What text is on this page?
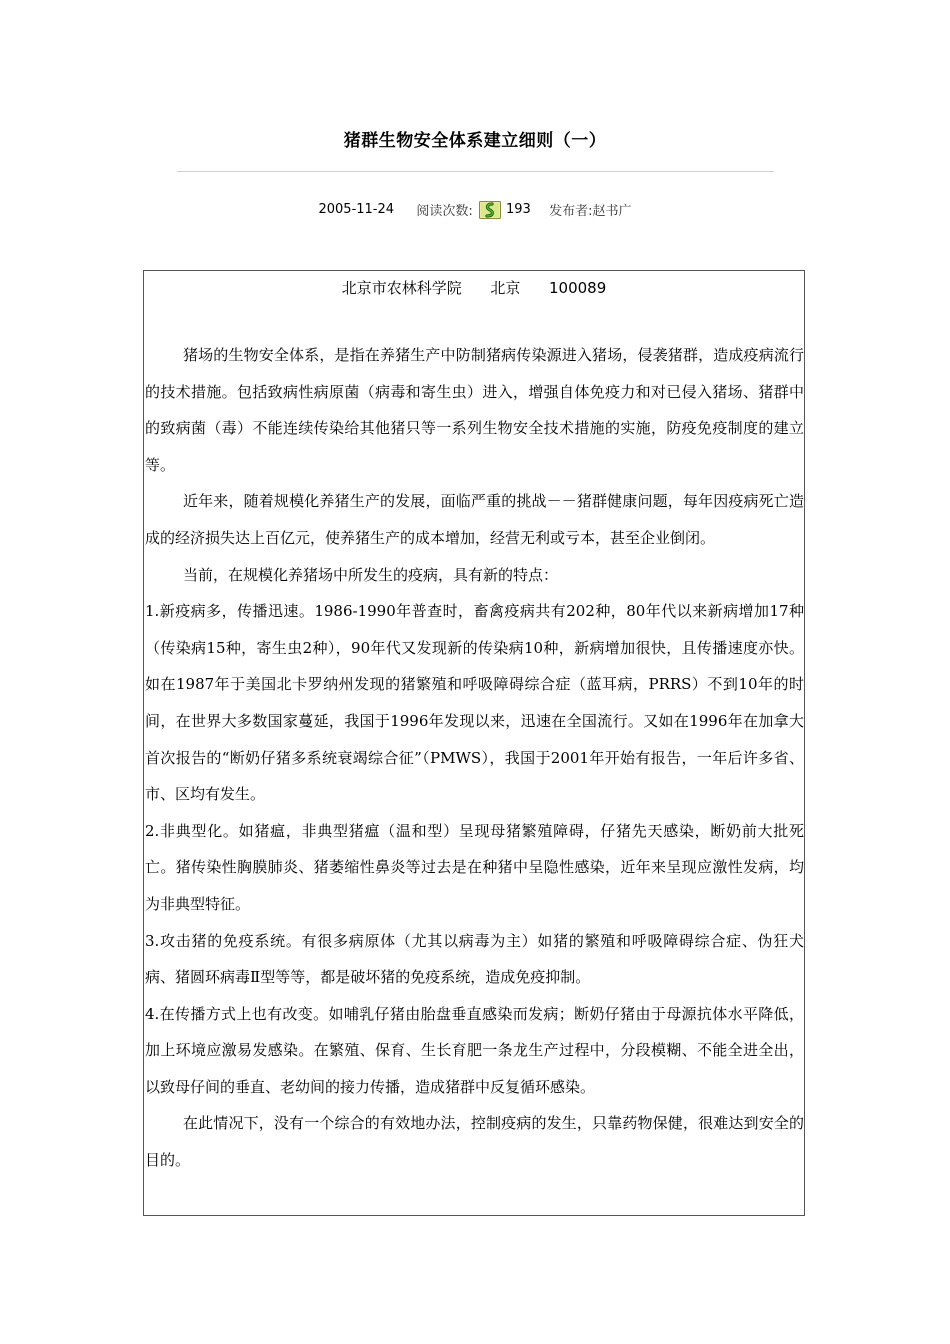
猪群生物安全体系建立细则（一）
2005-11-24 阅读次数:	193 发布者:赵书广
北京市农林科学院 北京 100089

猪场的生物安全体系，是指在养猪生产中防制猪病传染源进入猪场，侵袭猪群，造成疫病流行的技术措施。包括致病性病原菌（病毒和寄生虫）进入，增强自体免疫力和对已侵入猪场、猪群中的致病菌（毒）不能连续传染给其他猪只等一系列生物安全技术措施的实施，防疫免疫制度的建立等。

近年来，随着规模化养猪生产的发展，面临严重的挑战－－猪群健康问题，每年因疫病死亡造成的经济损失达上百亿元，使养猪生产的成本增加，经营无利或亏本，甚至企业倒闭。

当前，在规模化养猪场中所发生的疫病，具有新的特点：

1.新疫病多，传播迅速。1986-1990年普查时，畜禽疫病共有202种，80年代以来新病增加17种（传染病15种，寄生虫2种），90年代又发现新的传染病10种，新病增加很快，且传播速度亦快。如在1987年于美国北卡罗纳州发现的猪繁殖和呼吸障碍综合症（蓝耳病，PRRS）不到10年的时间，在世界大多数国家蔓延，我国于1996年发现以来，迅速在全国流行。又如在1996年在加拿大首次报告的“断奶仔猪多系统衰竭综合征”（PMWS），我国于2001年开始有报告，一年后许多省、市、区均有发生。

2.非典型化。如猪瘟，非典型猪瘟（温和型）呈现母猪繁殖障碍，仔猪先天感染，断奶前大批死亡。猪传染性胸膜肺炎、猪萎缩性鼻炎等过去是在种猪中呈隐性感染，近年来呈现应激性发病，均为非典型特征。

3.攻击猪的免疫系统。有很多病原体（尤其以病毒为主）如猪的繁殖和呼吸障碍综合症、伪狂犬病、猪圆环病毒Ⅱ型等等，都是破坏猪的免疫系统，造成免疫抑制。

4.在传播方式上也有改变。如哺乳仔猪由胎盘垂直感染而发病；断奶仔猪由于母源抗体水平降低，加上环境应激易发感染。在繁殖、保育、生长育肥一条龙生产过程中，分段模糊、不能全进全出，以致母仔间的垂直、老幼间的接力传播，造成猪群中反复循环感染。

在此情况下，没有一个综合的有效地办法，控制疫病的发生，只靠药物保健，很难达到安全的目的。
